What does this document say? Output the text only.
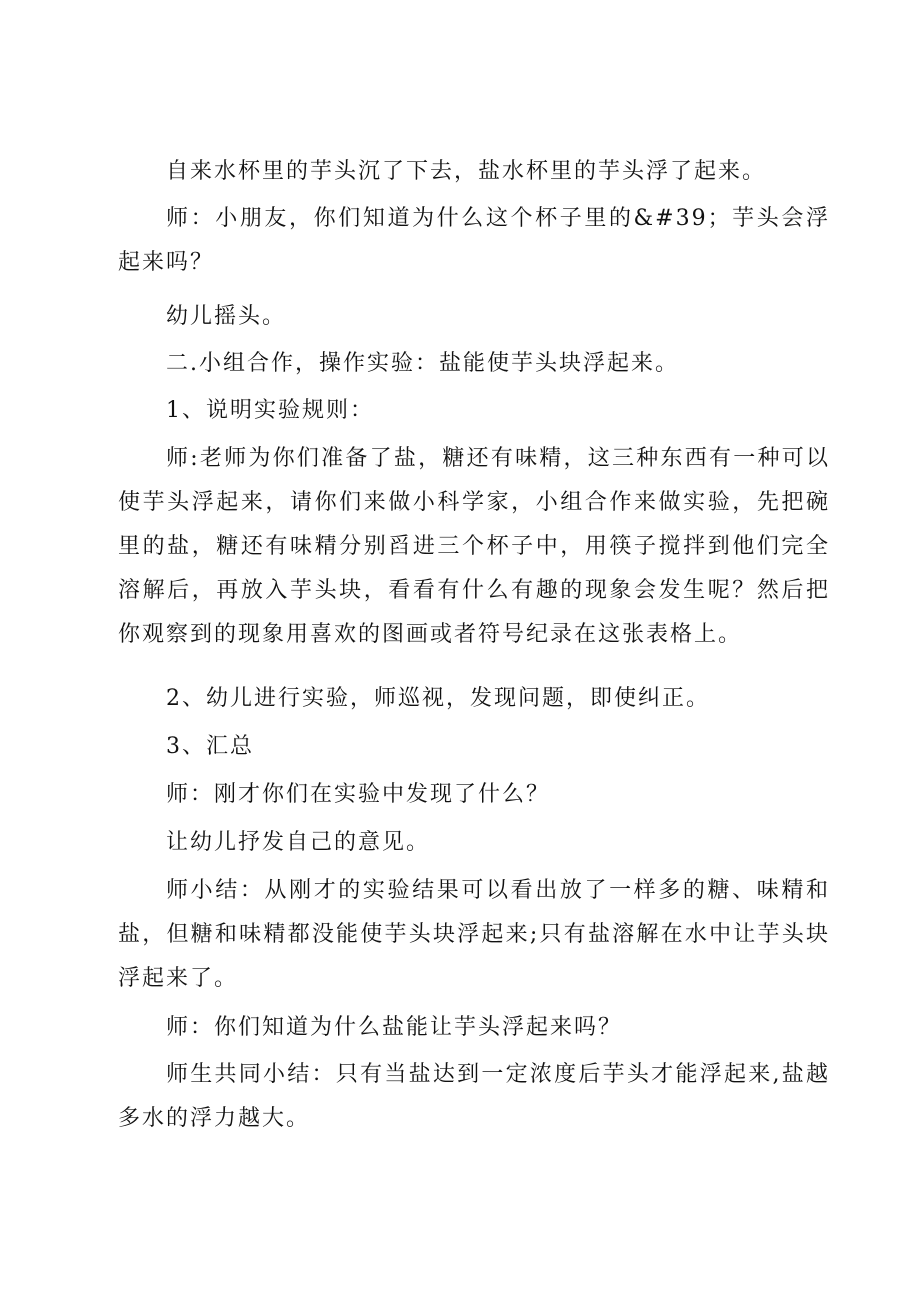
自来水杯里的芋头沉了下去，盐水杯里的芋头浮了起来。

师：小朋友，你们知道为什么这个杯子里的&#39；芋头会浮起来吗？

幼儿摇头。

二.小组合作，操作实验：盐能使芋头块浮起来。

1、说明实验规则：

师:老师为你们准备了盐，糖还有味精，这三种东西有一种可以使芋头浮起来，请你们来做小科学家，小组合作来做实验，先把碗里的盐，糖还有味精分别舀进三个杯子中，用筷子搅拌到他们完全溶解后，再放入芋头块，看看有什么有趣的现象会发生呢？然后把你观察到的现象用喜欢的图画或者符号纪录在这张表格上。

2、幼儿进行实验，师巡视，发现问题，即使纠正。

3、汇总

师：刚才你们在实验中发现了什么？

让幼儿抒发自己的意见。

师小结：从刚才的实验结果可以看出放了一样多的糖、味精和盐，但糖和味精都没能使芋头块浮起来;只有盐溶解在水中让芋头块浮起来了。

师：你们知道为什么盐能让芋头浮起来吗？

师生共同小结：只有当盐达到一定浓度后芋头才能浮起来,盐越多水的浮力越大。
